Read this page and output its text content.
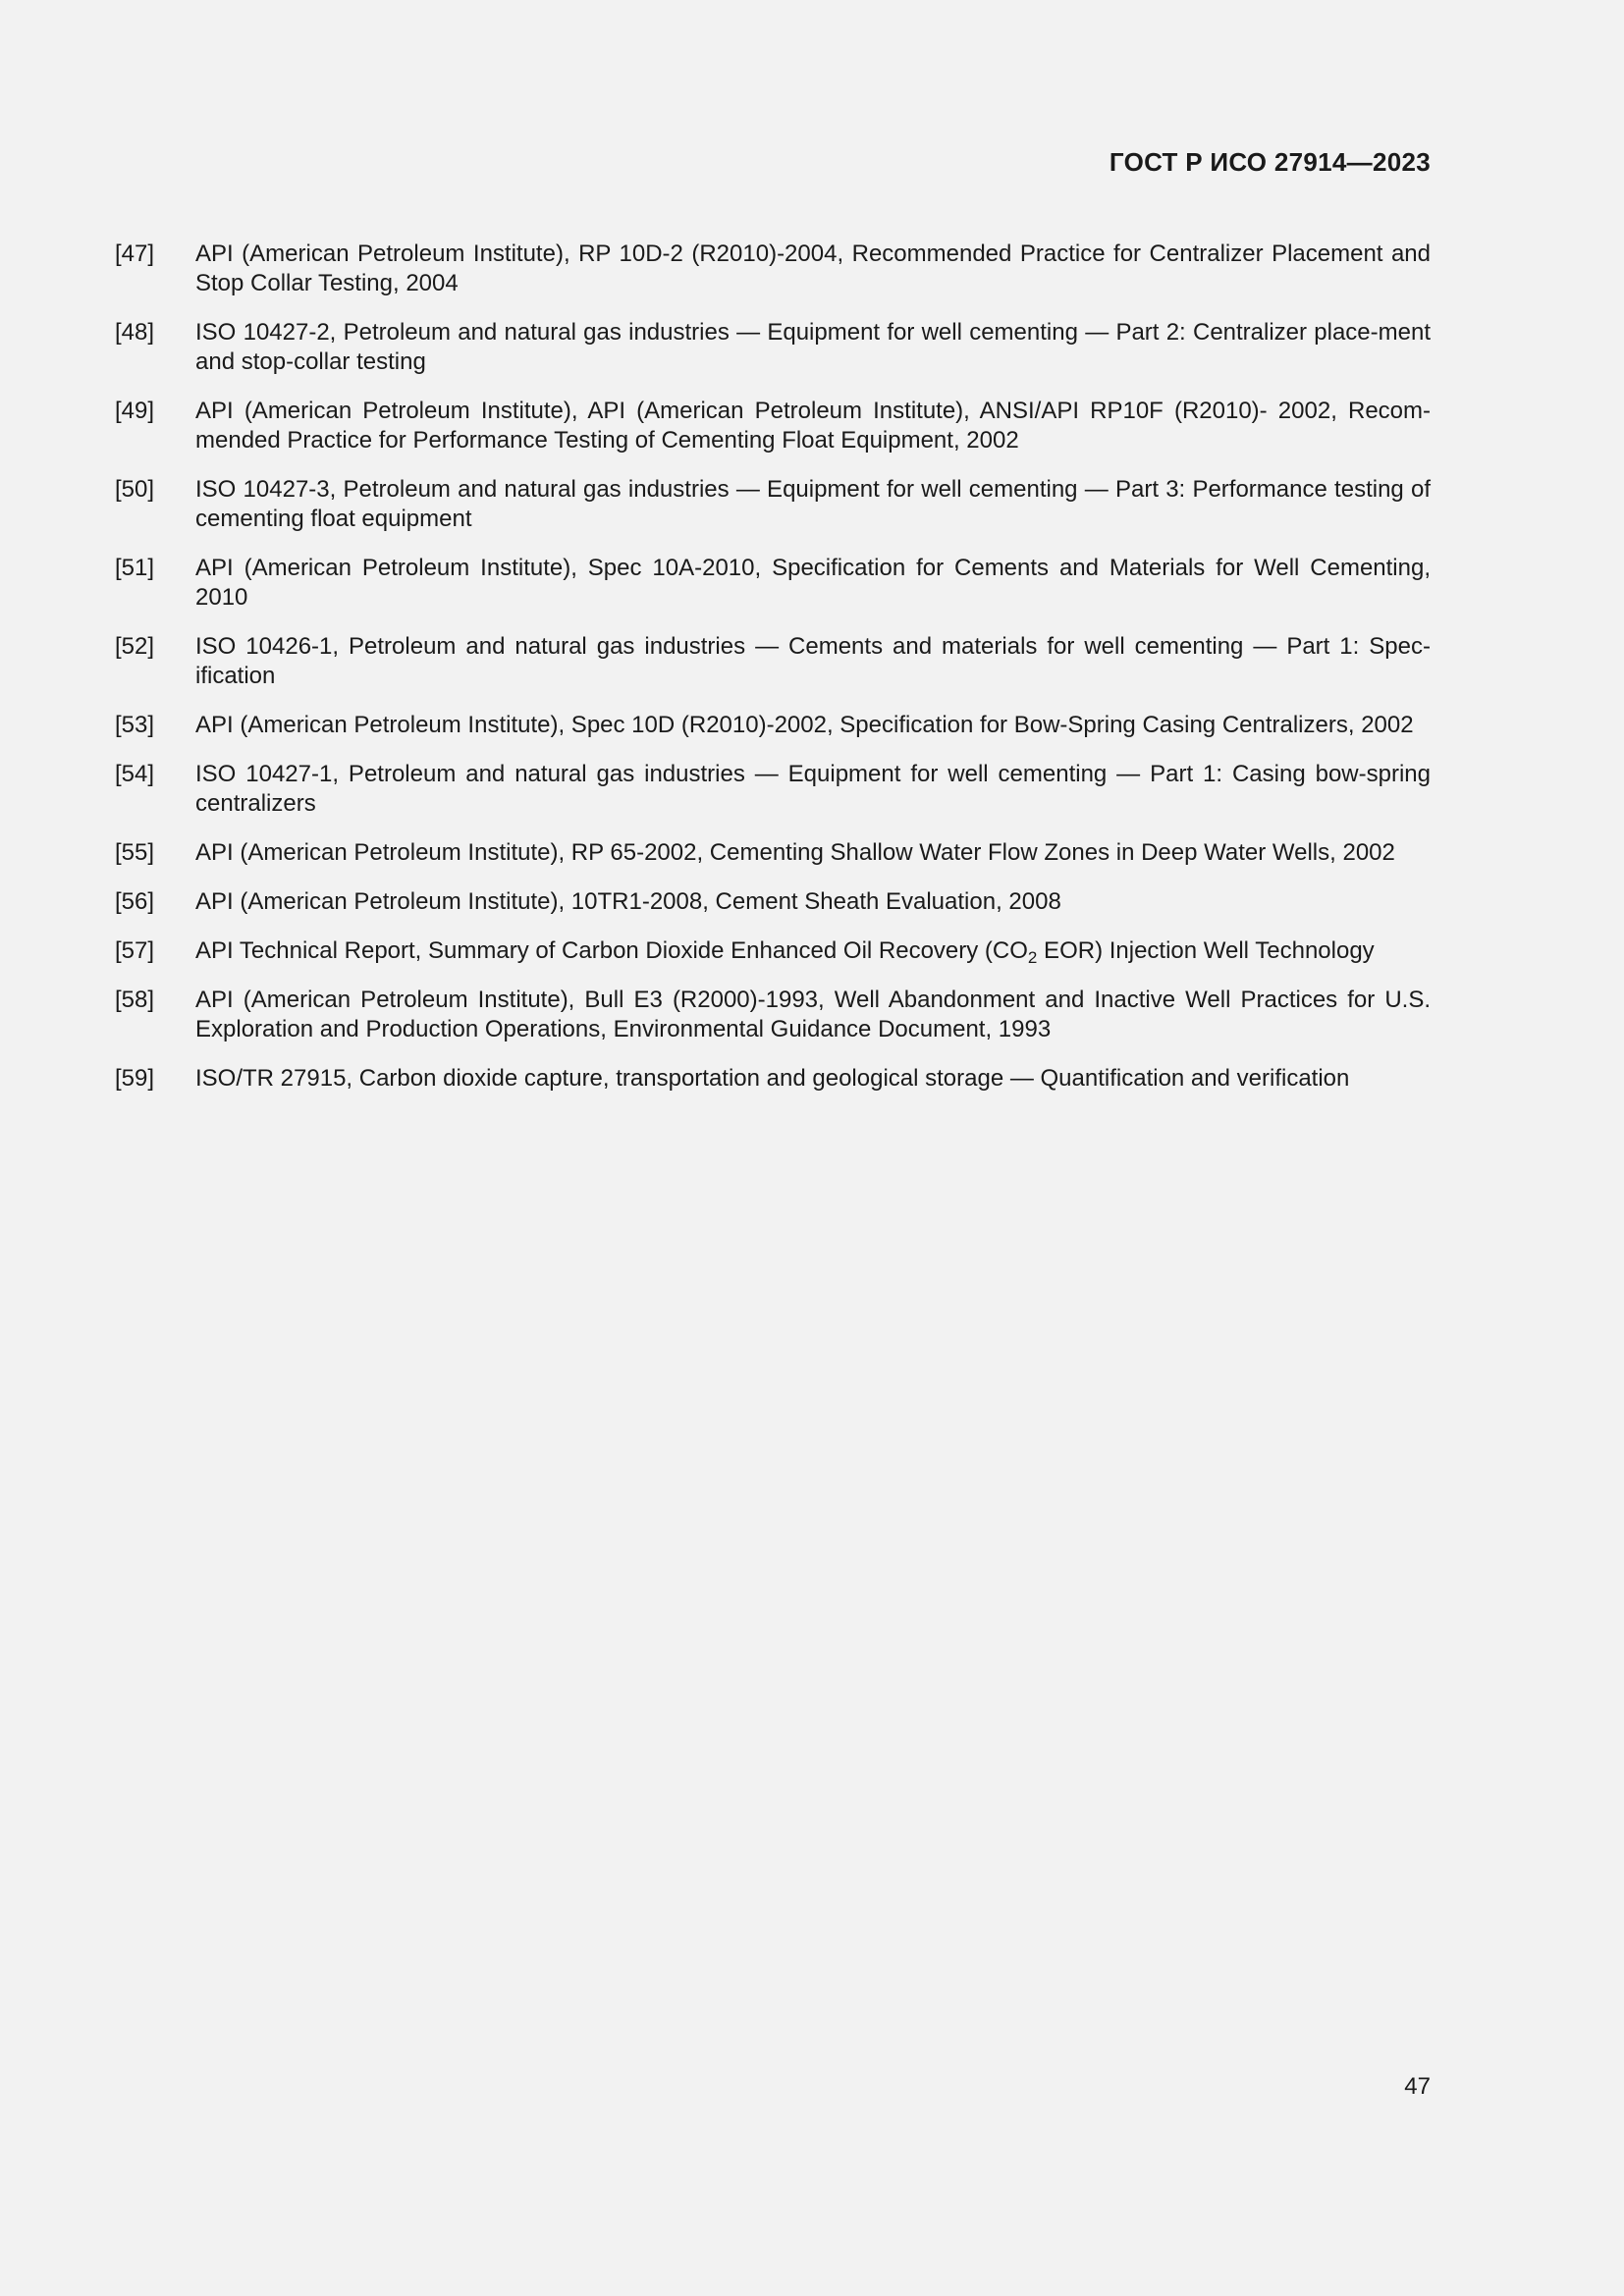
ГОСТ Р ИСО 27914—2023
[47]	API (American Petroleum Institute), RP 10D-2 (R2010)-2004, Recommended Practice for Centralizer Placement and Stop Collar Testing, 2004
[48]	ISO 10427-2, Petroleum and natural gas industries — Equipment for well cementing — Part 2: Centralizer place-ment and stop-collar testing
[49]	API (American Petroleum Institute), API (American Petroleum Institute), ANSI/API RP10F (R2010)- 2002, Recom-mended Practice for Performance Testing of Cementing Float Equipment, 2002
[50]	ISO 10427-3, Petroleum and natural gas industries — Equipment for well cementing — Part 3: Performance testing of cementing float equipment
[51]	API (American Petroleum Institute), Spec 10A-2010, Specification for Cements and Materials for Well Cementing, 2010
[52]	ISO 10426-1, Petroleum and natural gas industries — Cements and materials for well cementing — Part 1: Spec-ification
[53]	API (American Petroleum Institute), Spec 10D (R2010)-2002, Specification for Bow-Spring Casing Centralizers, 2002
[54]	ISO 10427-1, Petroleum and natural gas industries — Equipment for well cementing — Part 1: Casing bow-spring centralizers
[55]	API (American Petroleum Institute), RP 65-2002, Cementing Shallow Water Flow Zones in Deep Water Wells, 2002
[56]	API (American Petroleum Institute), 10TR1-2008, Cement Sheath Evaluation, 2008
[57]	API Technical Report, Summary of Carbon Dioxide Enhanced Oil Recovery ($CO_2$ EOR) Injection Well Technology
[58]	API (American Petroleum Institute), Bull E3 (R2000)-1993, Well Abandonment and Inactive Well Practices for U.S. Exploration and Production Operations, Environmental Guidance Document, 1993
[59]	ISO/TR 27915, Carbon dioxide capture, transportation and geological storage — Quantification and verification
47
